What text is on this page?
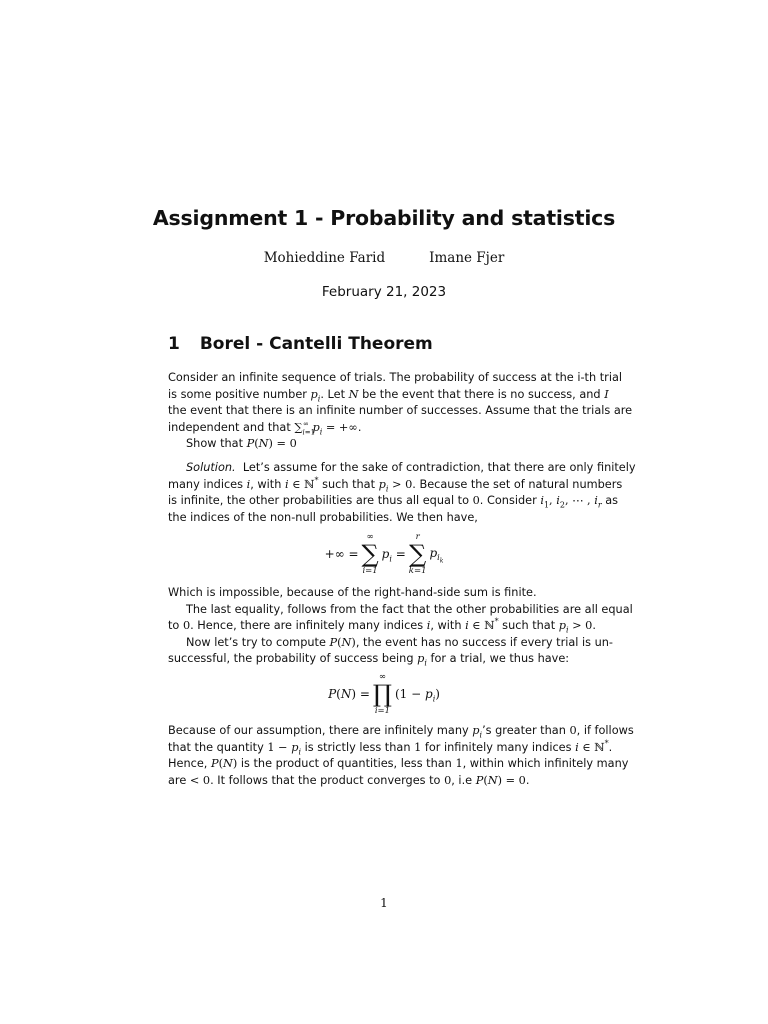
Assignment 1 - Probability and statistics
Mohieddine Farid	Imane Fjer
February 21, 2023
1 Borel - Cantelli Theorem
Consider an infinite sequence of trials. The probability of success at the i-th trial
is some positive number $p_i$. Let N be the event that there is no success, and I
the event that there is an infinite number of successes. Assume that the trials are
independent and that $\sum_{i=1}^\infty$ $p_i$ = +∞.
Show that P(N) = 0
Solution. Let’s assume for the sake of contradiction, that there are only finitely
many indices i, with i ∈ ℕ* such that $p_i > 0$. Because the set of natural numbers
is infinite, the other probabilities are thus all equal to 0. Consider $i_1$, $i_2$, ⋯ , $i_r$ as
the indices of the non-null probabilities. We then have,
+∞ =
∞
∑
i=1
$p_i$ =
r
∑
k=1
$p_{i_k}$
Which is impossible, because of the right-hand-side sum is finite.
The last equality, follows from the fact that the other probabilities are all equal
to 0. Hence, there are infinitely many indices i, with i ∈ ℕ* such that $p_i > 0$.
Now let’s try to compute P(N), the event has no success if every trial is un-
successful, the probability of success being $p_i$ for a trial, we thus have:
P(N) =
∞
∏
i=1
$(1 - p_i)$
Because of our assumption, there are infinitely many $p_i’s$ greater than 0, if follows
that the quantity $1 - p_i$ is strictly less than 1 for infinitely many indices i ∈ ℕ*.
Hence, P(N) is the product of quantities, less than 1, within which infinitely many
are < 0. It follows that the product converges to 0, i.e P(N) = 0.
1
